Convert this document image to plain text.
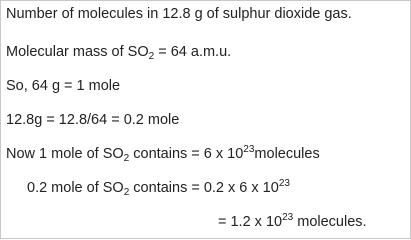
Number of molecules in 12.8 g of sulphur dioxide gas.
Molecular mass of $SO_2 = 64$ a.m.u.
So, 64 g = 1 mole
12.8g = 12.8/64 = 0.2 mole
Now 1 mole of $SO_2$ contains = 6 x $10^{23}molecules$
0.2 mole of $SO_2$ contains = 0.2 x 6 x $10^{23}$
= 1.2 x $10^{23}$ molecules.
